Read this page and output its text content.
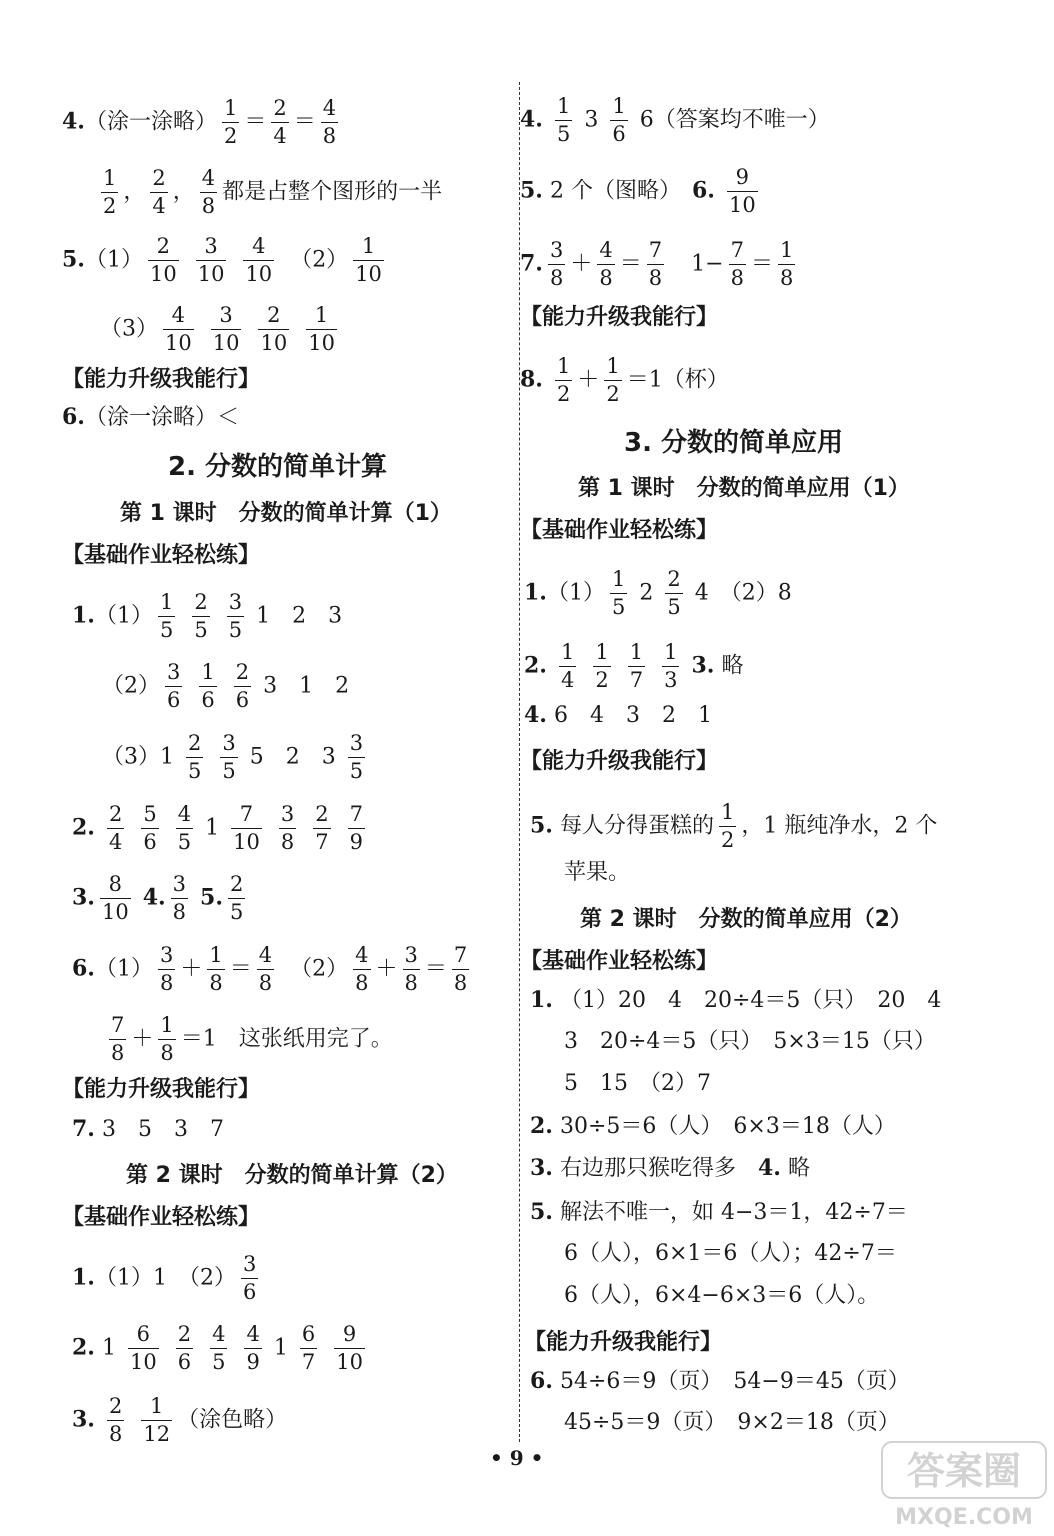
4.（涂一涂略） $\frac{1}{2} = \frac{2}{4} = \frac{4}{8}$
$\frac{1}{2}$ ， $\frac{2}{4}$ ， $\frac{4}{8}$ 都是占整个图形的一半
$5.(1) \frac{2}{10}$
$\frac{3}{10}$
$\frac{4}{10}$
　 $(2) \frac{1}{10}$
$(3) \frac{4}{10}$
$\frac{3}{10}$
$\frac{2}{10}$
$\frac{1}{10}$
【能力升级我能行】
6.（涂一涂略）＜
2. 分数的简单计算
第 1 课时　分数的简单计算（1）
【基础作业轻松练】
$1.(1) \frac{1}{5}$
$\frac{2}{5}$
$\frac{3}{5} 1$　2　3
$(2) \frac{3}{6}$
$\frac{1}{6}$
$\frac{2}{6} 3$　1　2
$(3)1 \frac{2}{5}$
$\frac{3}{5} 5$　2　$3 \frac{3}{5}$
2. $\frac{2}{4}$
$\frac{5}{6}$
$\frac{4}{5} 1 \frac{7}{10}$
$\frac{3}{8}$
$\frac{2}{7}$
$\frac{7}{9}$
3. $\frac{8}{10} 4$. $\frac{3}{8} 5$. $\frac{2}{5}$
$6.(1) \frac{3}{8} + \frac{1}{8} = \frac{4}{8}$
　 $(2) \frac{4}{8} + \frac{3}{8} = \frac{7}{8}$
$\frac{7}{8} + \frac{1}{8} =1$　 这张纸用完了。
【能力升级我能行】
7. 3　5　3　7
第 2 课时　分数的简单计算（2）
【基础作业轻松练】
1.（1）1　$(2) \frac{3}{6}$
2. $1 \frac{6}{10}$
$\frac{2}{6}$
$\frac{4}{5}$
$\frac{4}{9} 1 \frac{6}{7}$
$\frac{9}{10}$
3. $\frac{2}{8}$
$\frac{1}{12}$ （涂色略）
4. $\frac{1}{5} 3 \frac{1}{6} 6$（答案均不唯一）
5. 2 个（图略）　 6. $\frac{9}{10}$
7. $\frac{3}{8} + \frac{4}{8} = \frac{7}{8}$
　 $1- \frac{7}{8} = \frac{1}{8}$
【能力升级我能行】
8. $\frac{1}{2} + \frac{1}{2} =1$（杯）
3. 分数的简单应用
第 1 课时　分数的简单应用（1）
【基础作业轻松练】
$1.(1) \frac{1}{5} 2 \frac{2}{5} 4$　（2）8
2. $\frac{1}{4}$
$\frac{1}{2}$
$\frac{1}{7}$
$\frac{1}{3} 3$. 略
4. 6　4　3　2　1
【能力升级我能行】
5. 每人分得蛋糕的 $\frac{1}{2}$ ，1 瓶纯净水，2 个
苹果。
第 2 课时　分数的简单应用（2）
【基础作业轻松练】
1. （1）20　4　20÷4＝5（只）　20　4
3　20÷4＝5（只）　5×3＝15（只）
5　15　（2）7
2. 30÷5＝6（人）　6×3＝18（人）
3. 右边那只猴吃得多　 4. 略
5. 解法不唯一，如 4−3＝1，42÷7＝
6（人），6×1＝6（人）；42÷7＝
6（人），6×4−6×3＝6（人）。
【能力升级我能行】
6. 54÷6＝9（页）　54−9＝45（页）
45÷5＝9（页）　9×2＝18（页）
• 9 •	答案圈
MXQE.COM
